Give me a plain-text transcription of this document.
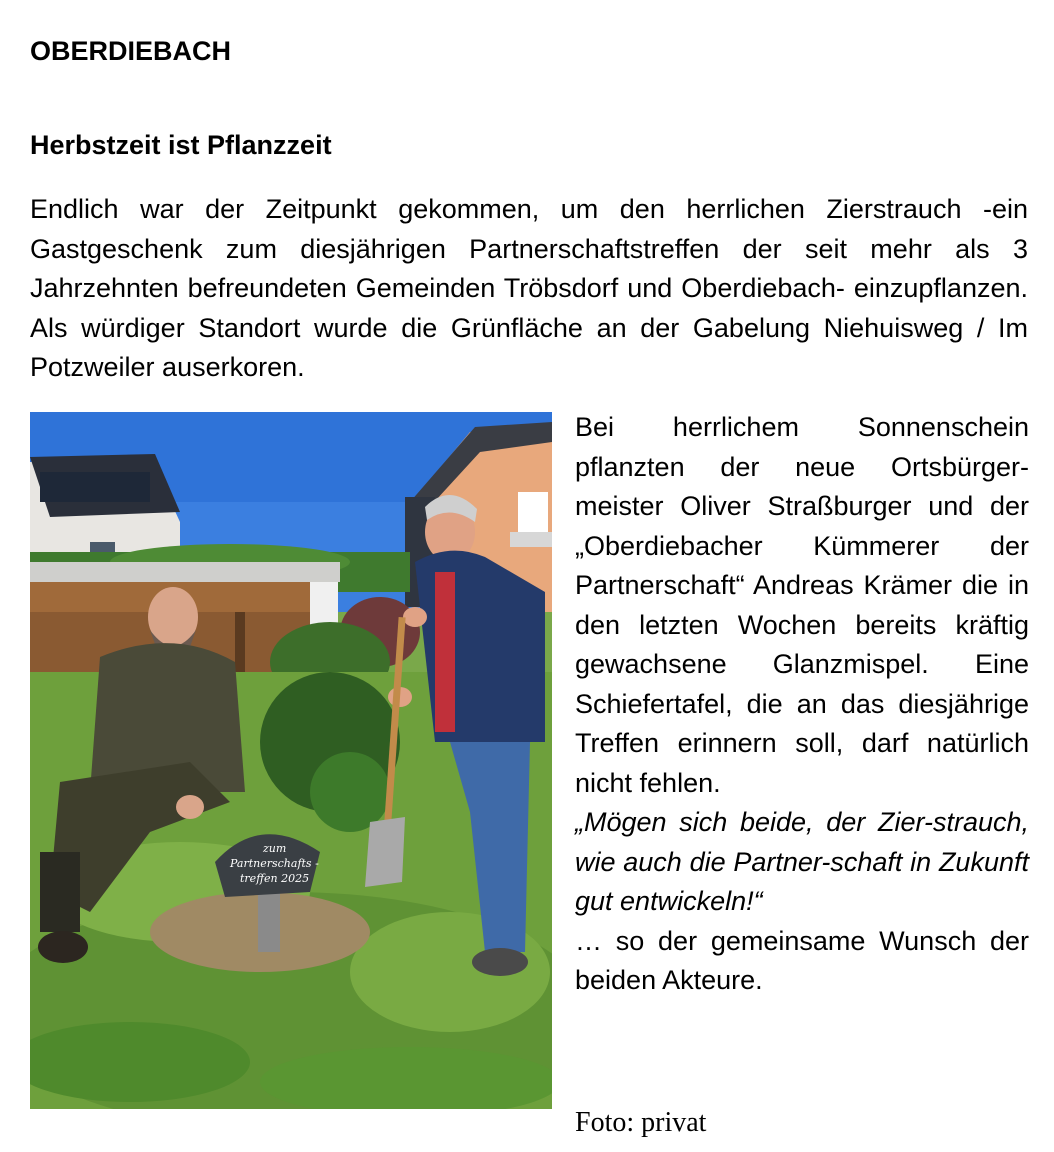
OBERDIEBACH
Herbstzeit ist Pflanzzeit

Endlich war der Zeitpunkt gekommen, um den herrlichen Zierstrauch -ein Gastgeschenk zum diesjährigen Partnerschaftstreffen der seit mehr als 3 Jahrzehnten befreundeten Gemeinden Tröbsdorf und Oberdiebach- einzupflanzen. Als würdiger Standort wurde die Grünfläche an der Gabelung Niehuisweg / Im Potzweiler auserkoren.

zum
Partnerschafts -
treffen 2025
Bei herrlichem Sonnenschein pflanzten der neue Ortsbürger-meister Oliver Straßburger und der „Oberdiebacher Kümmerer der Partnerschaft“ Andreas Krämer die in den letzten Wochen bereits kräftig gewachsene Glanzmispel. Eine Schiefertafel, die an das diesjährige Treffen erinnern soll, darf natürlich nicht fehlen.
„Mögen sich beide, der Zier-strauch, wie auch die Partner-schaft in Zukunft gut entwickeln!“
… so der gemeinsame Wunsch der beiden Akteure.

Foto: privat
